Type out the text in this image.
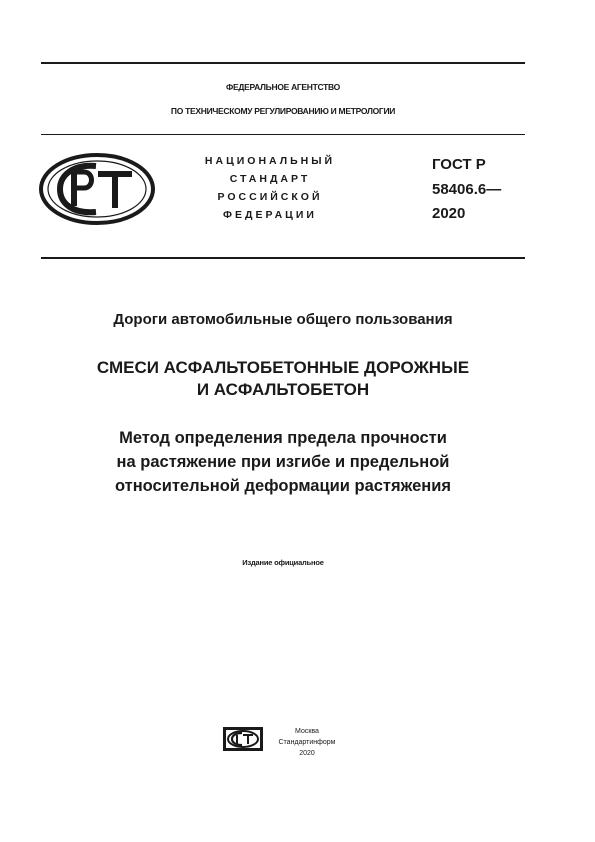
ФЕДЕРАЛЬНОЕ АГЕНТСТВО
ПО ТЕХНИЧЕСКОМУ РЕГУЛИРОВАНИЮ И МЕТРОЛОГИИ
НАЦИОНАЛЬНЫЙ
СТАНДАРТ
РОССИЙСКОЙ
ФЕДЕРАЦИИ
ГОСТ Р
58406.6—
2020
Дороги автомобильные общего пользования
СМЕСИ АСФАЛЬТОБЕТОННЫЕ ДОРОЖНЫЕ
И АСФАЛЬТОБЕТОН
Метод определения предела прочности
на растяжение при изгибе и предельной
относительной деформации растяжения
Издание официальное
Москва
Стандартинформ
2020
